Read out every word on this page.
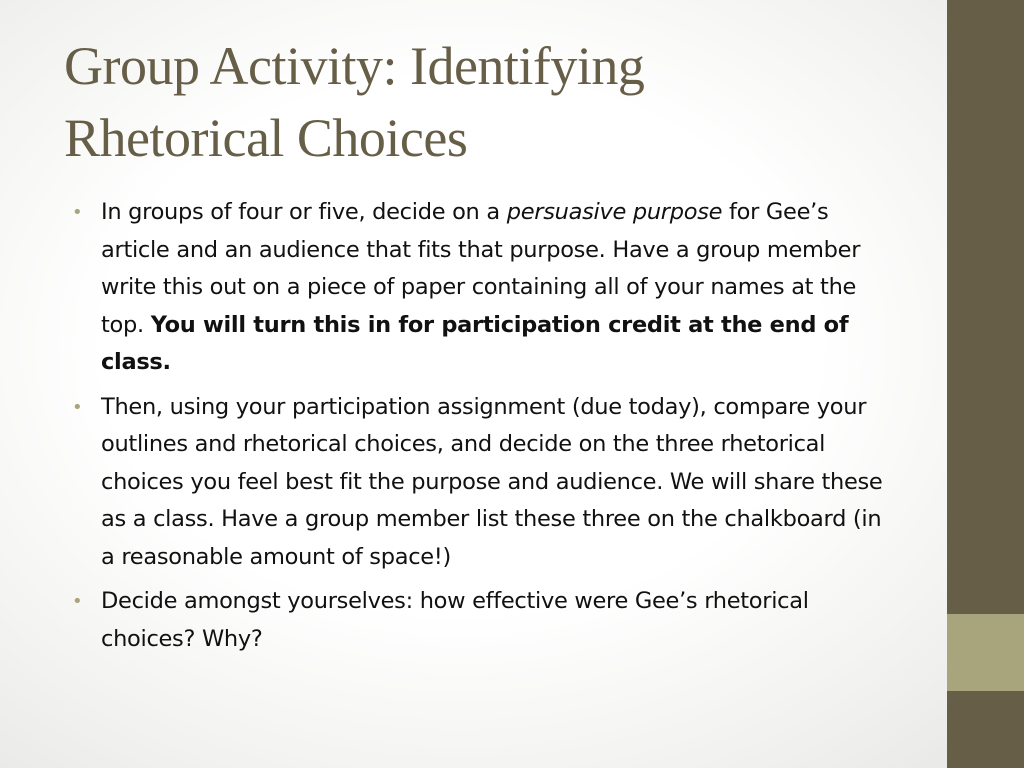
Group Activity: Identifying
Rhetorical Choices
• In groups of four or five, decide on a persuasive purpose for Gee’s article and an audience that fits that purpose. Have a group member write this out on a piece of paper containing all of your names at the top. You will turn this in for participation credit at the end of class.
• Then, using your participation assignment (due today), compare your outlines and rhetorical choices, and decide on the three rhetorical choices you feel best fit the purpose and audience. We will share these as a class. Have a group member list these three on the chalkboard (in a reasonable amount of space!)
• Decide amongst yourselves: how effective were Gee’s rhetorical choices? Why?
